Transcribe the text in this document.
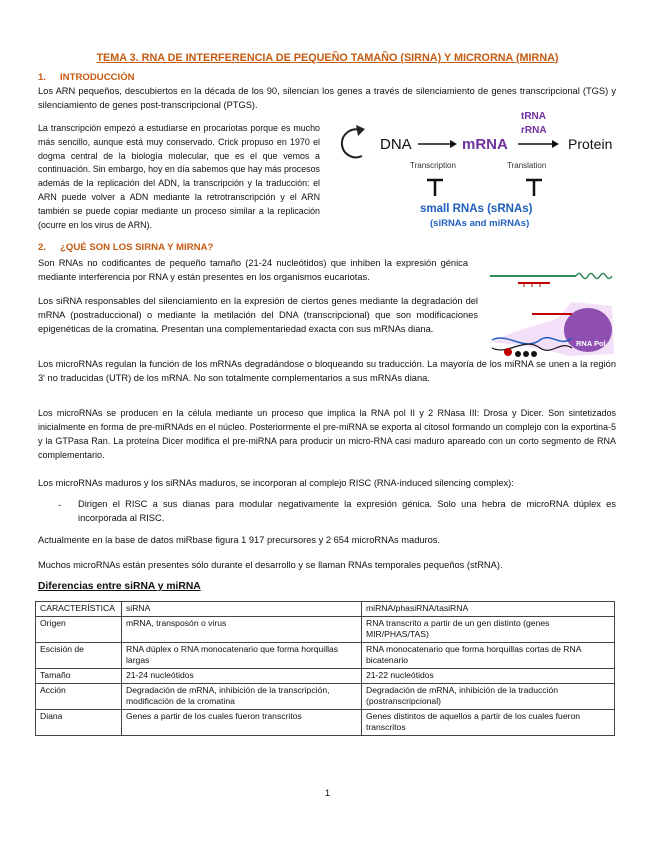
TEMA 3. RNA DE INTERFERENCIA DE PEQUEÑO TAMAÑO (SIRNA) Y MICRORNA (MIRNA)
1. INTRODUCCIÓN

Los ARN pequeños, descubiertos en la década de los 90, silencian los genes a través de silenciamiento de genes transcripcional (TGS) y silenciamiento de genes post-transcripcional (PTGS).

La transcripción empezó a estudiarse en procariotas porque es mucho más sencillo, aunque está muy conservado. Crick propuso en 1970 el dogma central de la biología molecular, que es el que vemos a continuación. Sin embargo, hoy en día sabemos que hay más procesos además de la replicación del ADN, la transcripción y la traducción: el ARN puede volver a ADN mediante la retrotranscripción y el ARN también se puede copiar mediante un proceso similar a la replicación (ocurre en los virus de ARN).

DNA	mRNA
tRNA
rRNA
Protein
Transcription	Translation
small RNAs (sRNAs)
(siRNAs and miRNAs)
2. ¿QUÉ SON LOS SIRNA Y MIRNA?

Son RNAs no codificantes de pequeño tamaño (21-24 nucleótidos) que inhiben la expresión génica mediante interferencia por RNA y están presentes en los organismos eucariotas.

Los siRNA responsables del silenciamiento en la expresión de ciertos genes mediante la degradación del mRNA (postraduccional) o mediante la metilación del DNA (transcripcional) que son modificaciones epigenéticas de la cromatina. Presentan una complementariedad exacta con sus mRNAs diana.

RNA Pol

Los microRNAs regulan la función de los mRNAs degradándose o bloqueando su traducción. La mayoría de los miRNA se unen a la región 3' no traducidas (UTR) de los mRNA. No son totalmente complementarios a sus mRNAs diana.

Los microRNAs se producen en la célula mediante un proceso que implica la RNA pol II y 2 RNasa III: Drosa y Dicer. Son sintetizados inicialmente en forma de pre-miRNAds en el núcleo. Posteriormente el pre-miRNA se exporta al citosol formando un complejo con la exportina-5 y la GTPasa Ran. La proteína Dicer modifica el pre-miRNA para producir un micro-RNA casi maduro apareado con un corto segmento de RNA complementario.

Los microRNAs maduros y los siRNAs maduros, se incorporan al complejo RISC (RNA-induced silencing complex):

- Dirigen el RISC a sus dianas para modular negativamente la expresión génica. Solo una hebra de microRNA dúplex es incorporada al RISC.

Actualmente en la base de datos miRbase figura 1 917 precursores y 2 654 microRNAs maduros.

Muchos microRNAs están presentes sólo durante el desarrollo y se llaman RNAs temporales pequeños (stRNA).

Diferencias entre siRNA y miRNA
CARACTERÍSTICA	siRNA	miRNA/phasiRNA/tasiRNA
Origen	mRNA, transposón o virus	RNA transcrito a partir de un gen distinto (genes MIR/PHAS/TAS)
Escisión de	RNA dúplex o RNA monocatenario que forma horquillas largas	RNA monocatenario que forma horquillas cortas de RNA bicatenario
Tamaño	21-24 nucleótidos	21-22 nucleótidos
Acción	Degradación de mRNA, inhibición de la transcripción, modificación de la cromatina	Degradación de mRNA, inhibición de la traducción (postranscripcional)
Diana	Genes a partir de los cuales fueron transcritos	Genes distintos de aquellos a partir de los cuales fueron transcritos
1
